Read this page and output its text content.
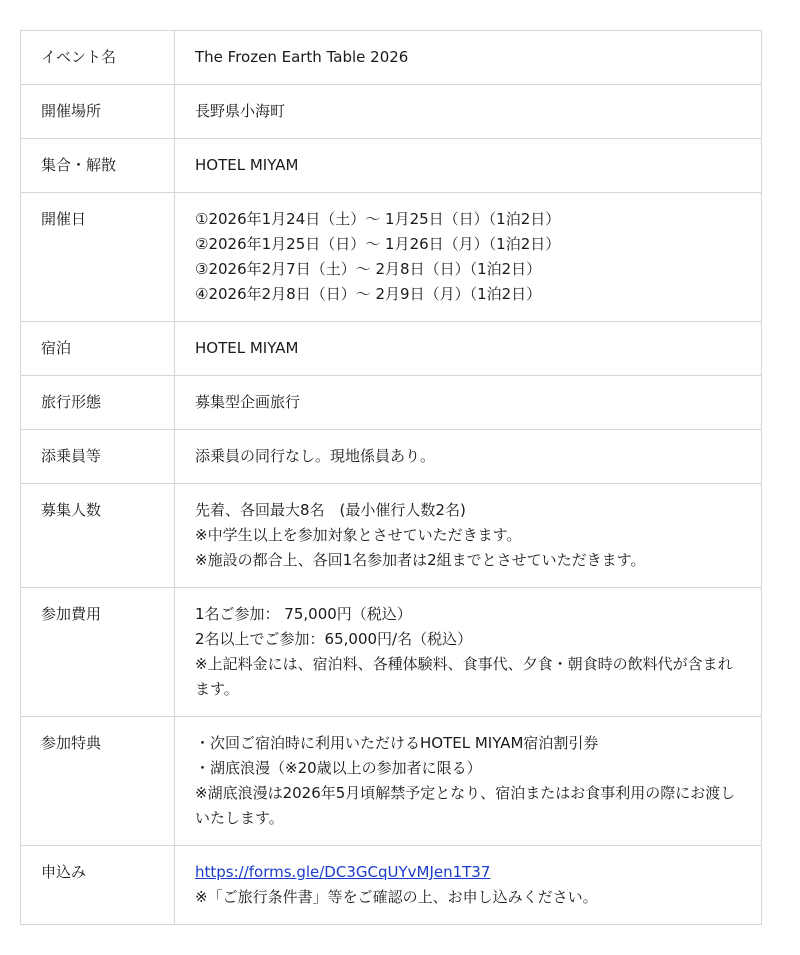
イベント名	The Frozen Earth Table 2026

開催場所	長野県小海町

集合・解散	HOTEL MIYAM

開催日	①2026年1月24日（土）～ 1月25日（日）（1泊2日）
②2026年1月25日（日）～ 1月26日（月）（1泊2日）
③2026年2月7日（土）～ 2月8日（日）（1泊2日）
④2026年2月8日（日）～ 2月9日（月）（1泊2日）

宿泊	HOTEL MIYAM

旅行形態	募集型企画旅行

添乗員等	添乗員の同行なし。現地係員あり。

募集人数	先着、各回最大8名　(最小催行人数2名)
※中学生以上を参加対象とさせていただきます。
※施設の都合上、各回1名参加者は2組までとさせていただきます。

参加費用	1名ご参加： 75,000円（税込）
2名以上でご参加：65,000円/名（税込）
※上記料金には、宿泊料、各種体験料、食事代、夕食・朝食時の飲料代が含まれます。

参加特典	・次回ご宿泊時に利用いただけるHOTEL MIYAM宿泊割引券
・湖底浪漫（※20歳以上の参加者に限る）
※湖底浪漫は2026年5月頃解禁予定となり、宿泊またはお食事利用の際にお渡しいたします。

申込み	https://forms.gle/DC3GCqUYvMJen1T37
※「ご旅行条件書」等をご確認の上、お申し込みください。
